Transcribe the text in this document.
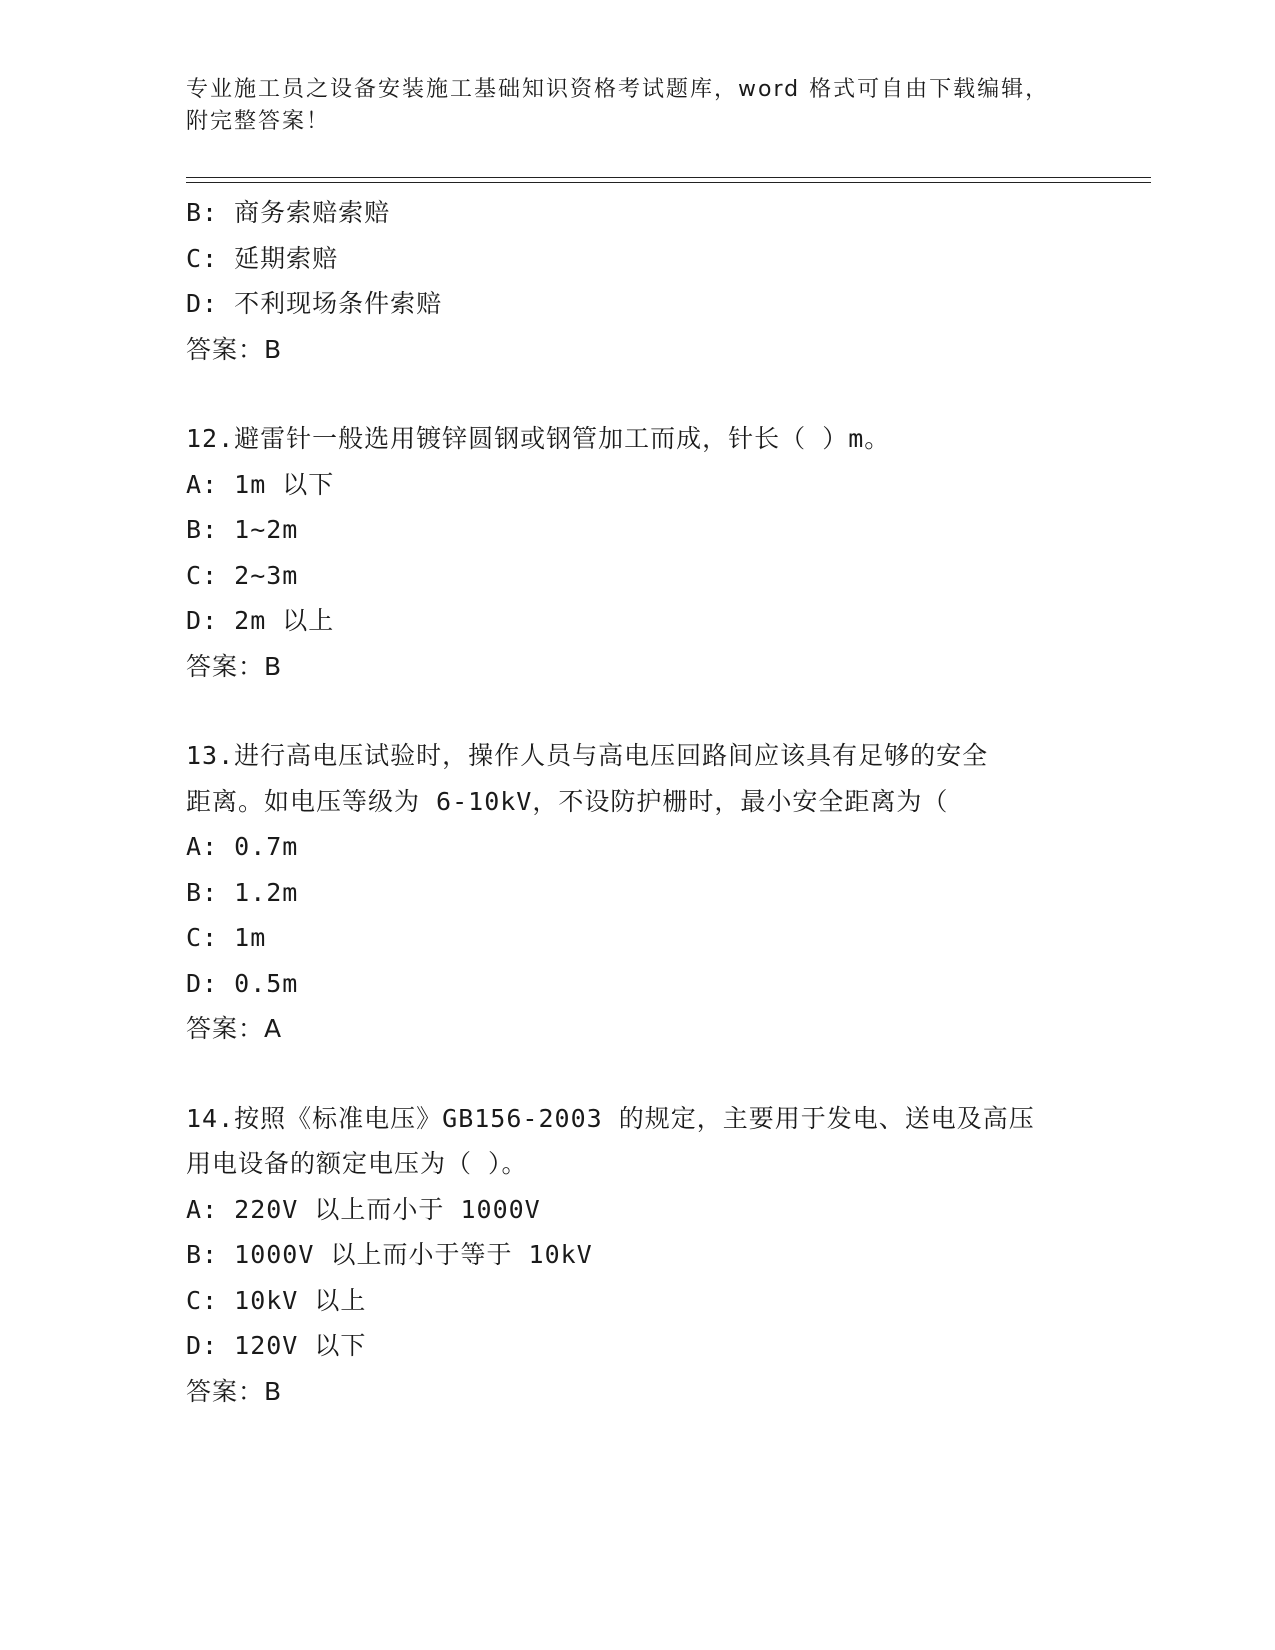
专业施工员之设备安装施工基础知识资格考试题库，word 格式可自由下载编辑，
附完整答案！
B: 商务索赔索赔
C: 延期索赔
D: 不利现场条件索赔
答案：B
12.避雷针一般选用镀锌圆钢或钢管加工而成，针长（ ）m。
A: 1m 以下
B: 1~2m
C: 2~3m
D: 2m 以上
答案：B
13.进行高电压试验时，操作人员与高电压回路间应该具有足够的安全
距离。如电压等级为 6-10kV，不设防护栅时，最小安全距离为（
A: 0.7m
B: 1.2m
C: 1m
D: 0.5m
答案：A
14.按照《标准电压》GB156-2003 的规定，主要用于发电、送电及高压
用电设备的额定电压为（ ）。
A: 220V 以上而小于 1000V
B: 1000V 以上而小于等于 10kV
C: 10kV 以上
D: 120V 以下
答案：B
